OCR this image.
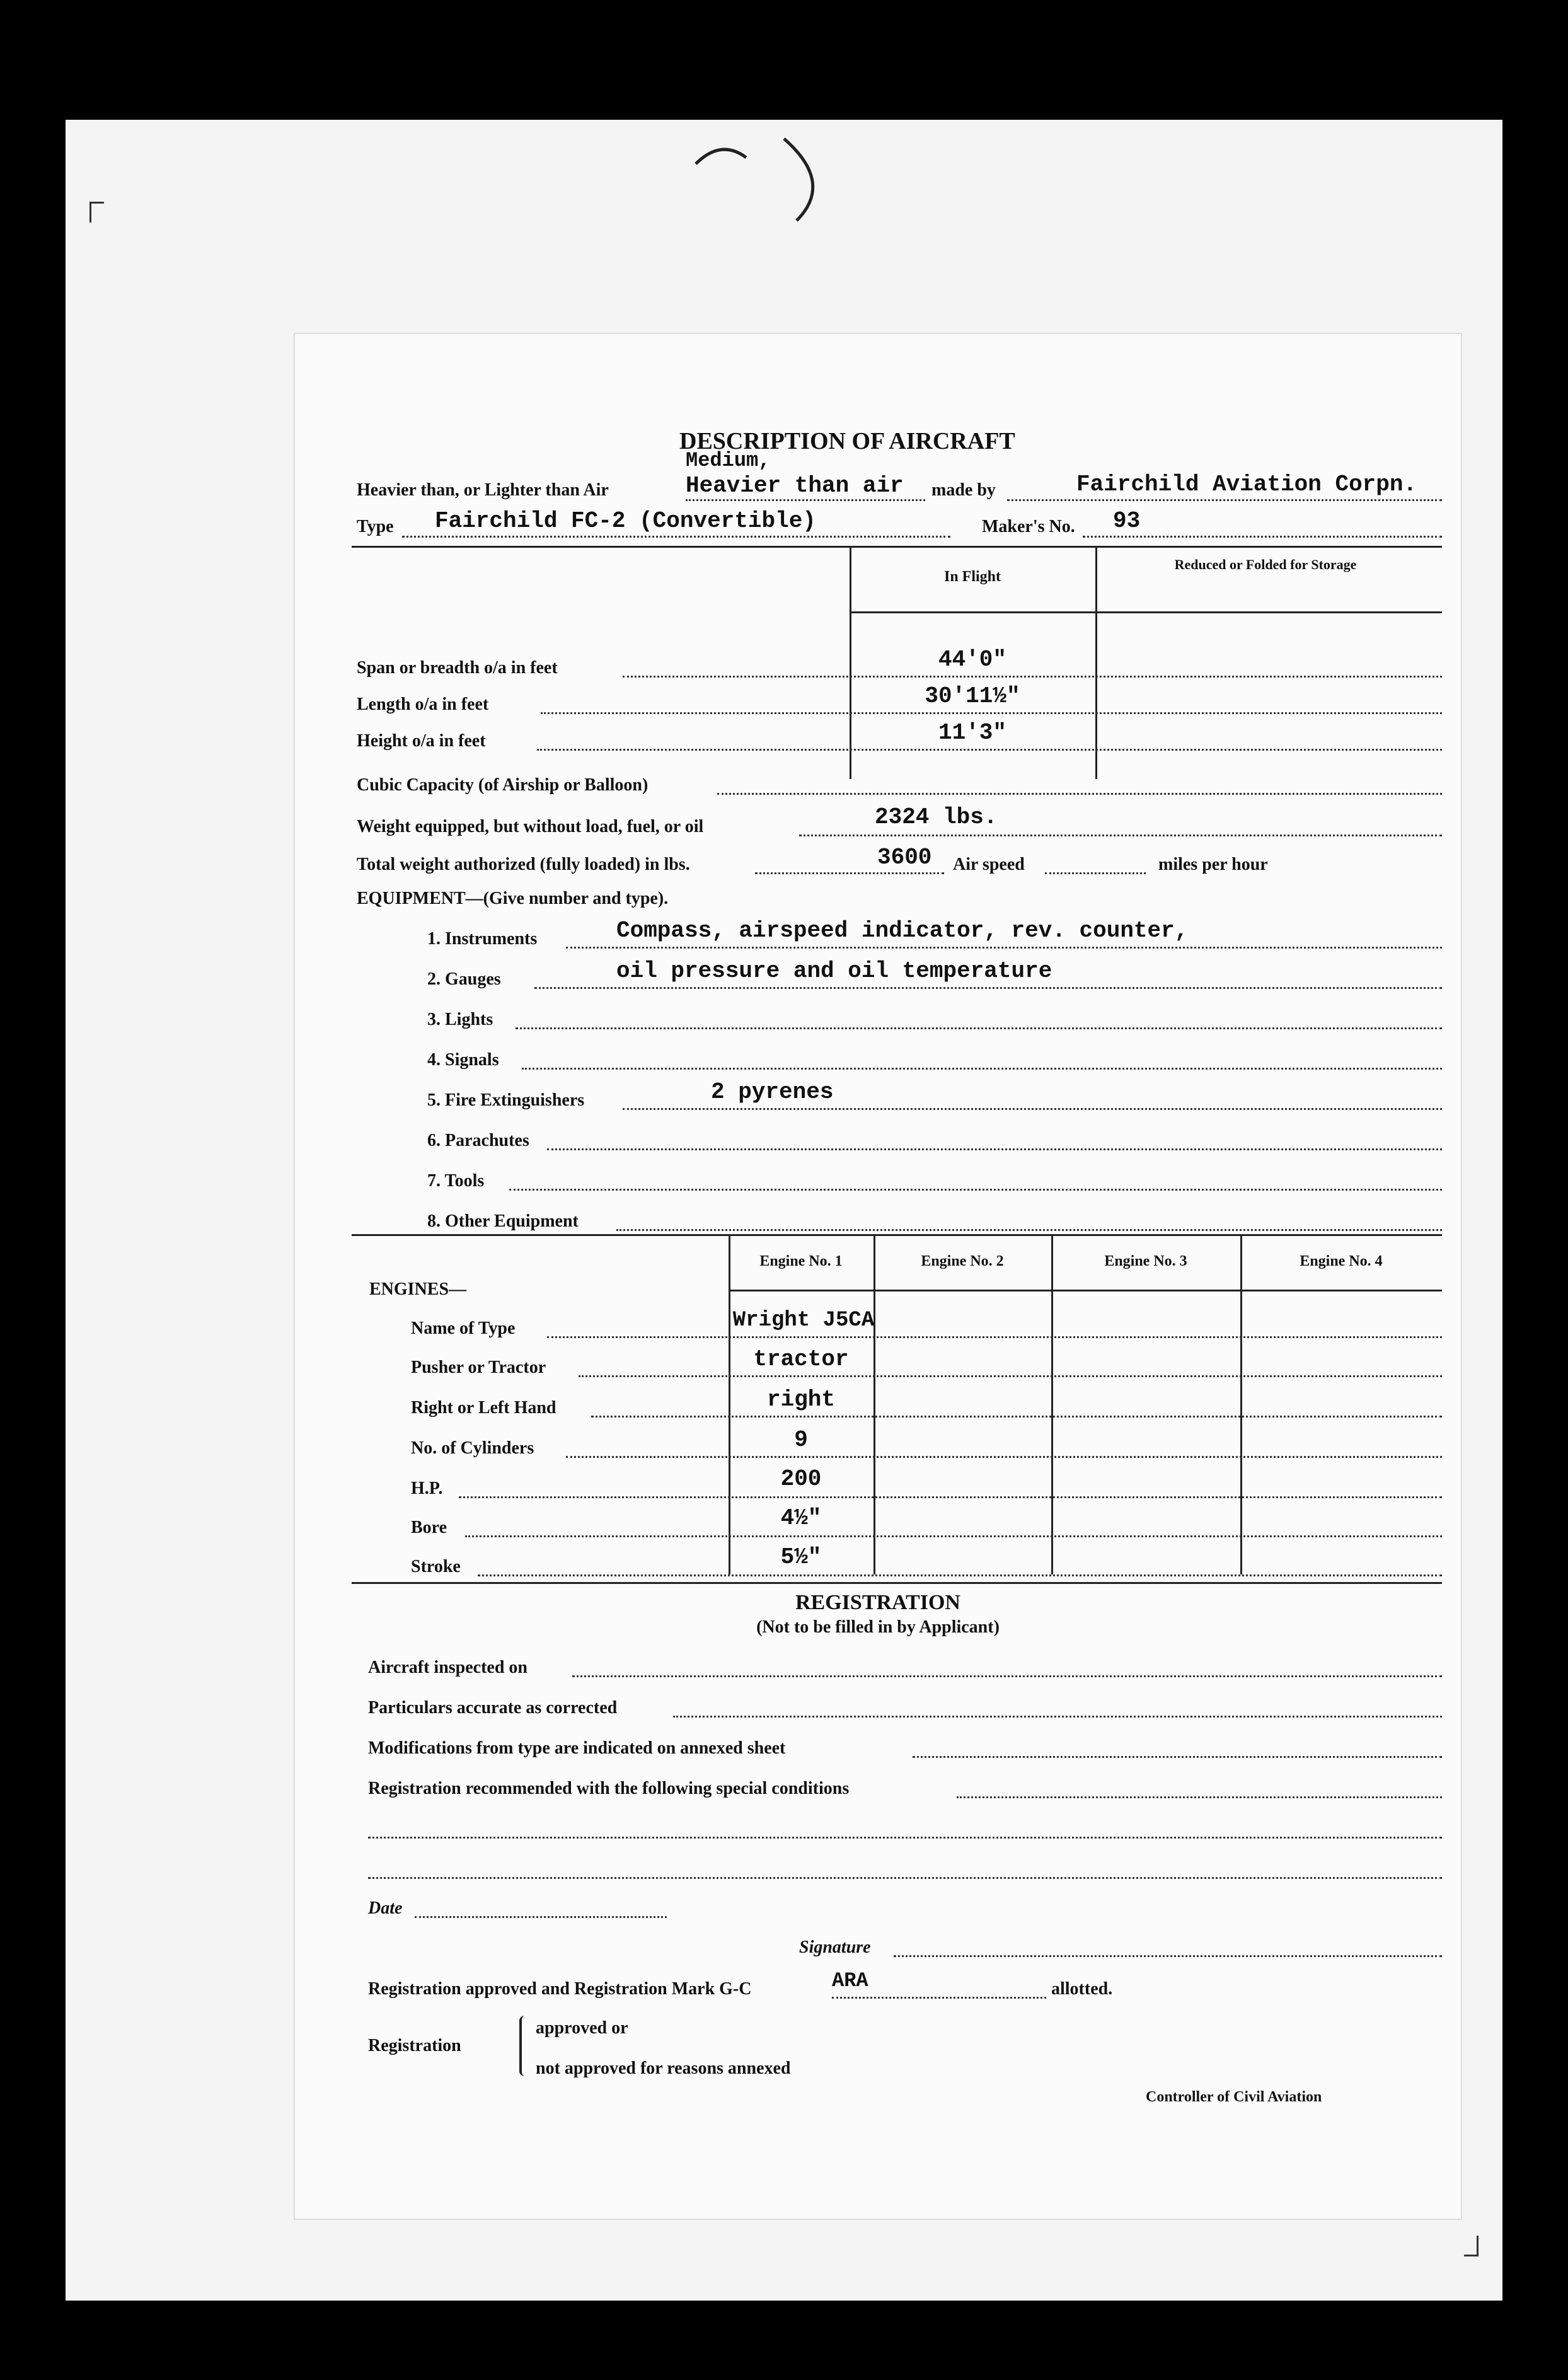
DESCRIPTION OF AIRCRAFT
Medium,
Heavier than, or Lighter than Air	Heavier than air made by	Fairchild Aviation Corpn.
Type Fairchild FC-2 (Convertible)	Maker's No. 93
In Flight
Reduced or Folded for Storage
Span or breadth o/a in feet	44'0"
Length o/a in feet	30'11½"
Height o/a in feet	11'3"
Cubic Capacity (of Airship or Balloon)
Weight equipped, but without load, fuel, or oil	2324 lbs.
Total weight authorized (fully loaded) in lbs.	3600 Air speed	miles per hour
EQUIPMENT—(Give number and type).
1. Instruments	Compass, airspeed indicator, rev. counter,
2. Gauges	oil pressure and oil temperature
3. Lights
4. Signals
5. Fire Extinguishers	2 pyrenes
6. Parachutes
7. Tools
8. Other Equipment
Engine No. 1	Engine No. 2	Engine No. 3	Engine No. 4
ENGINES—
Name of Type	Wright J5CA
Pusher or Tractor	tractor
Right or Left Hand	right
No. of Cylinders	9
H.P.	200
Bore	4½"
Stroke	5½"
REGISTRATION
(Not to be filled in by Applicant)
Aircraft inspected on
Particulars accurate as corrected
Modifications from type are indicated on annexed sheet
Registration recommended with the following special conditions
Date
Signature
Registration approved and Registration Mark G-C	ARA	allotted.
Registration
approved or
not approved for reasons annexed
Controller of Civil Aviation
